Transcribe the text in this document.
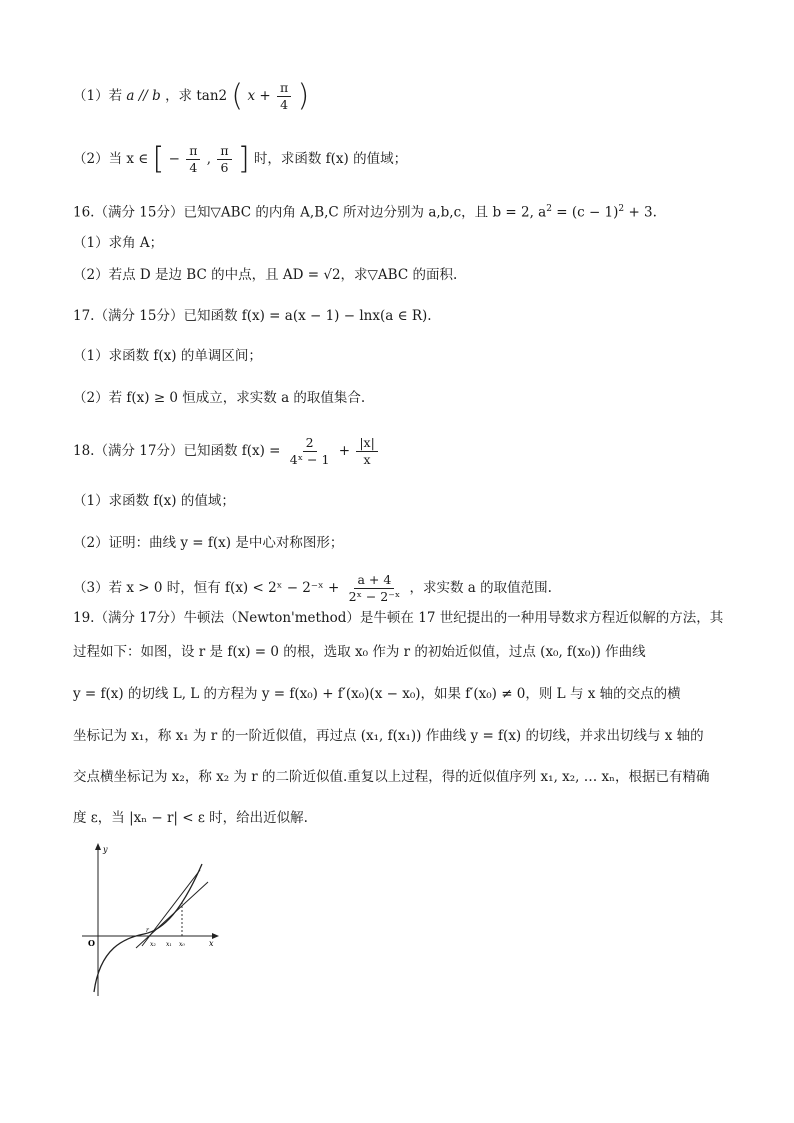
（1）若 a // b ，求 tan2 ( $x + \frac{\pi}{4}$ )
（2）当 x ∈ [ − $\frac{\pi}{4}$ , $\frac{\pi}{6}$ ] 时，求函数 f(x) 的值域；
16.（满分 15分）已知▽ABC 的内角 A,B,C 所对边分别为 a,b,c，且 b = 2, $a^2 = (c - 1)^2 + 3$.
（1）求角 A；
（2）若点 D 是边 BC 的中点，且 AD = √2，求▽ABC 的面积.
17.（满分 15分）已知函数 f(x) = a(x − 1) − lnx(a ∈ R).
（1）求函数 f(x) 的单调区间；
（2）若 f(x) ≥ 0 恒成立，求实数 a 的取值集合.
18.（满分 17分）已知函数 $f(x) = \frac{2}{\text{4ˣ − 1}} + \frac{|x|}{x}$
（1）求函数 f(x) 的值域；
（2）证明：曲线 y = f(x) 是中心对称图形；
（3）若 x > 0 时，恒有 f(x) < 2ˣ − 2⁻ˣ + $\frac{a + 4}{\text{2ˣ − 2⁻ˣ}}$ ，求实数 a 的取值范围.
19.（满分 17分）牛顿法（Newton'method）是牛顿在 17 世纪提出的一种用导数求方程近似解的方法，其
过程如下：如图，设 r 是 f(x) = 0 的根，选取 x₀ 作为 r 的初始近似值，过点 (x₀, f(x₀)) 作曲线
y = f(x) 的切线 L, L 的方程为 y = f(x₀) + f′(x₀)(x − x₀)，如果 f′(x₀) ≠ 0，则 L 与 x 轴的交点的横
坐标记为 x₁，称 x₁ 为 r 的一阶近似值，再过点 (x₁, f(x₁)) 作曲线 y = f(x) 的切线，并求出切线与 x 轴的
交点横坐标记为 x₂，称 x₂ 为 r 的二阶近似值.重复以上过程，得的近似值序列 x₁, x₂, … xₙ，根据已有精确
度 ε，当 |xₙ − r| < ε 时，给出近似解.
y
x
O
r
x₂ x₁ x₀
